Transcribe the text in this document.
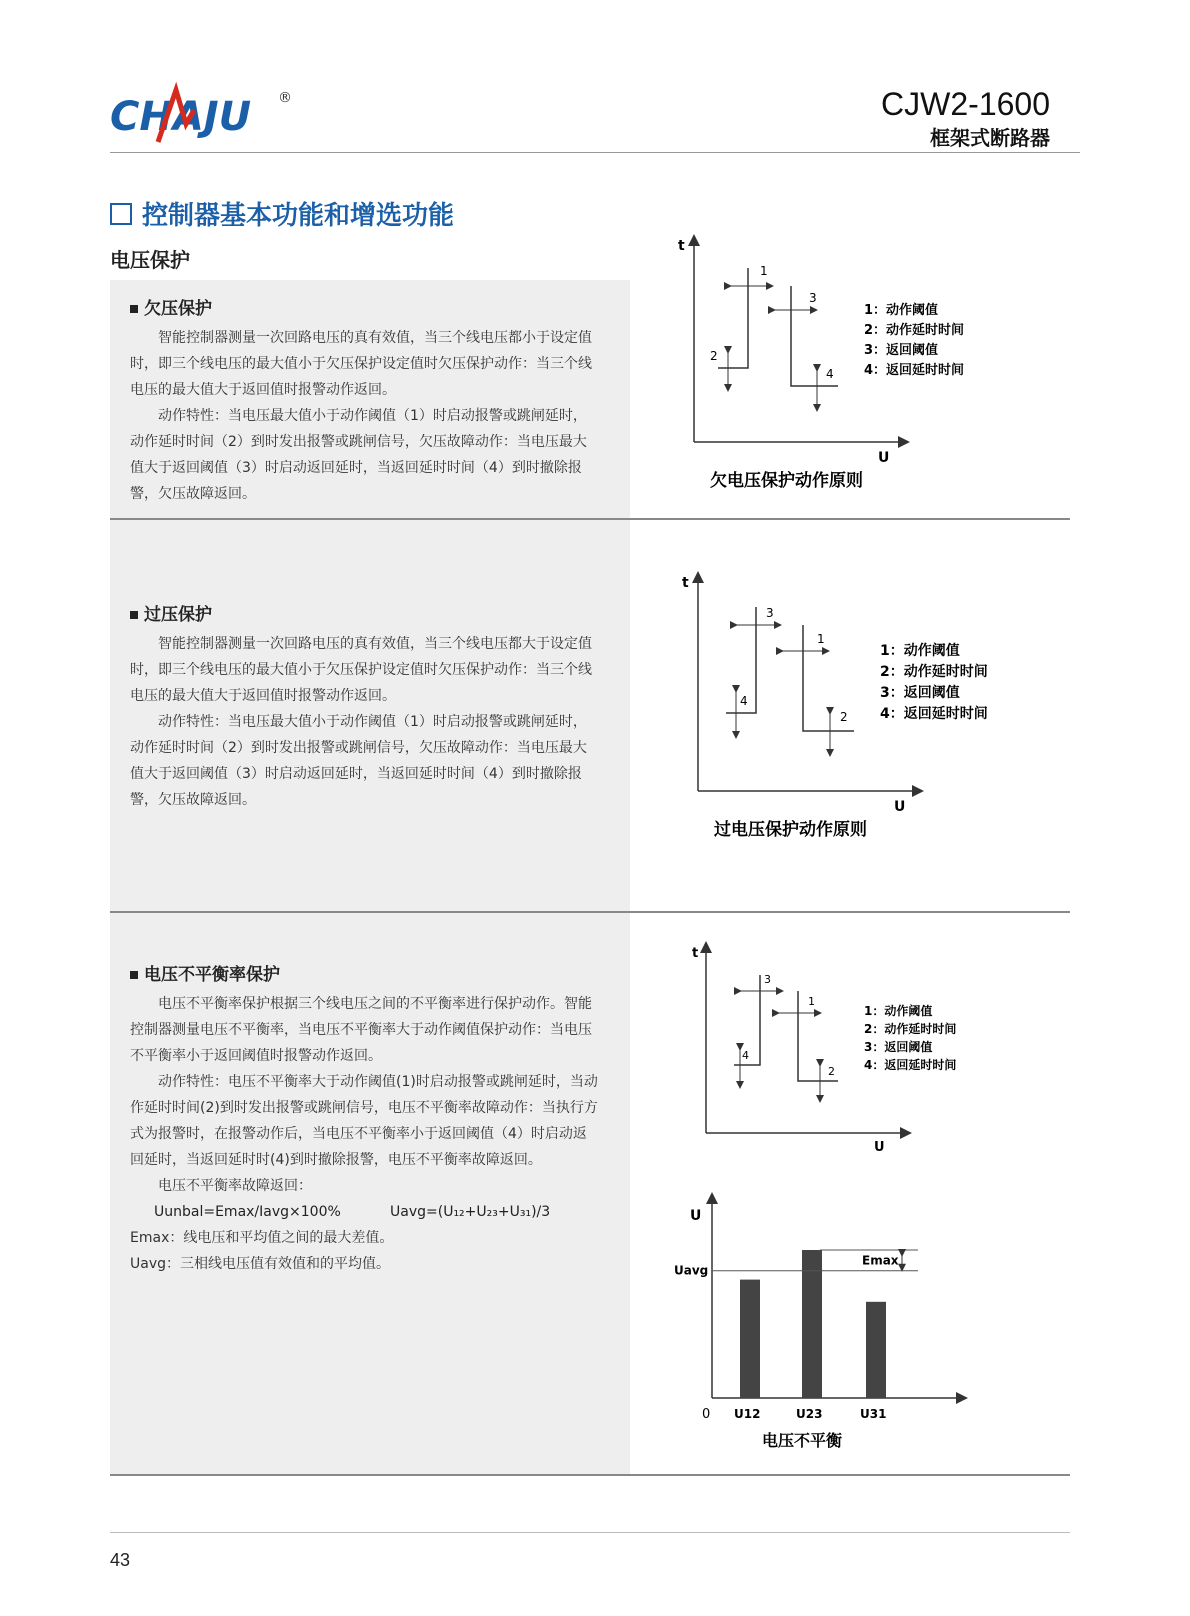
CHAJU ®	CJW2-1600
框架式断路器
控制器基本功能和增选功能
电压保护
欠压保护

智能控制器测量一次回路电压的真有效值，当三个线电压都小于设定值时，即三个线电压的最大值小于欠压保护设定值时欠压保护动作：当三个线电压的最大值大于返回值时报警动作返回。

动作特性：当电压最大值小于动作阈值（1）时启动报警或跳闸延时，动作延时时间（2）到时发出报警或跳闸信号，欠压故障动作：当电压最大值大于返回阈值（3）时启动返回延时，当返回延时时间（4）到时撤除报警，欠压故障返回。

过压保护

智能控制器测量一次回路电压的真有效值，当三个线电压都大于设定值时，即三个线电压的最大值小于欠压保护设定值时欠压保护动作：当三个线电压的最大值大于返回值时报警动作返回。

动作特性：当电压最大值小于动作阈值（1）时启动报警或跳闸延时，动作延时时间（2）到时发出报警或跳闸信号，欠压故障动作：当电压最大值大于返回阈值（3）时启动返回延时，当返回延时时间（4）到时撤除报警，欠压故障返回。

电压不平衡率保护

电压不平衡率保护根据三个线电压之间的不平衡率进行保护动作。智能控制器测量电压不平衡率，当电压不平衡率大于动作阈值保护动作：当电压不平衡率小于返回阈值时报警动作返回。

动作特性：电压不平衡率大于动作阈值(1)时启动报警或跳闸延时，当动作延时时间(2)到时发出报警或跳闸信号，电压不平衡率故障动作：当执行方式为报警时，在报警动作后，当电压不平衡率小于返回阈值（4）时启动返回延时，当返回延时时(4)到时撤除报警，电压不平衡率故障返回。

电压不平衡率故障返回：

Uunbal=Emax/Iavg×100%	Uavg=(U₁₂+U₂₃+U₃₁)/3

Emax：线电压和平均值之间的最大差值。

Uavg：三相线电压值有效值和的平均值。

t
U
1
2
3
4
1：动作阈值
2：动作延时时间
3：返回阈值
4：返回延时时间
欠电压保护动作原则
t
U
1
2
3
4
1：动作阈值
2：动作延时时间
3：返回阈值
4：返回延时时间
过电压保护动作原则
t
U
1
2
3
4
1：动作阈值
2：动作延时时间
3：返回阈值
4：返回延时时间
U
0 U12	U23	U31
Uavg
Emax
电压不平衡
43
